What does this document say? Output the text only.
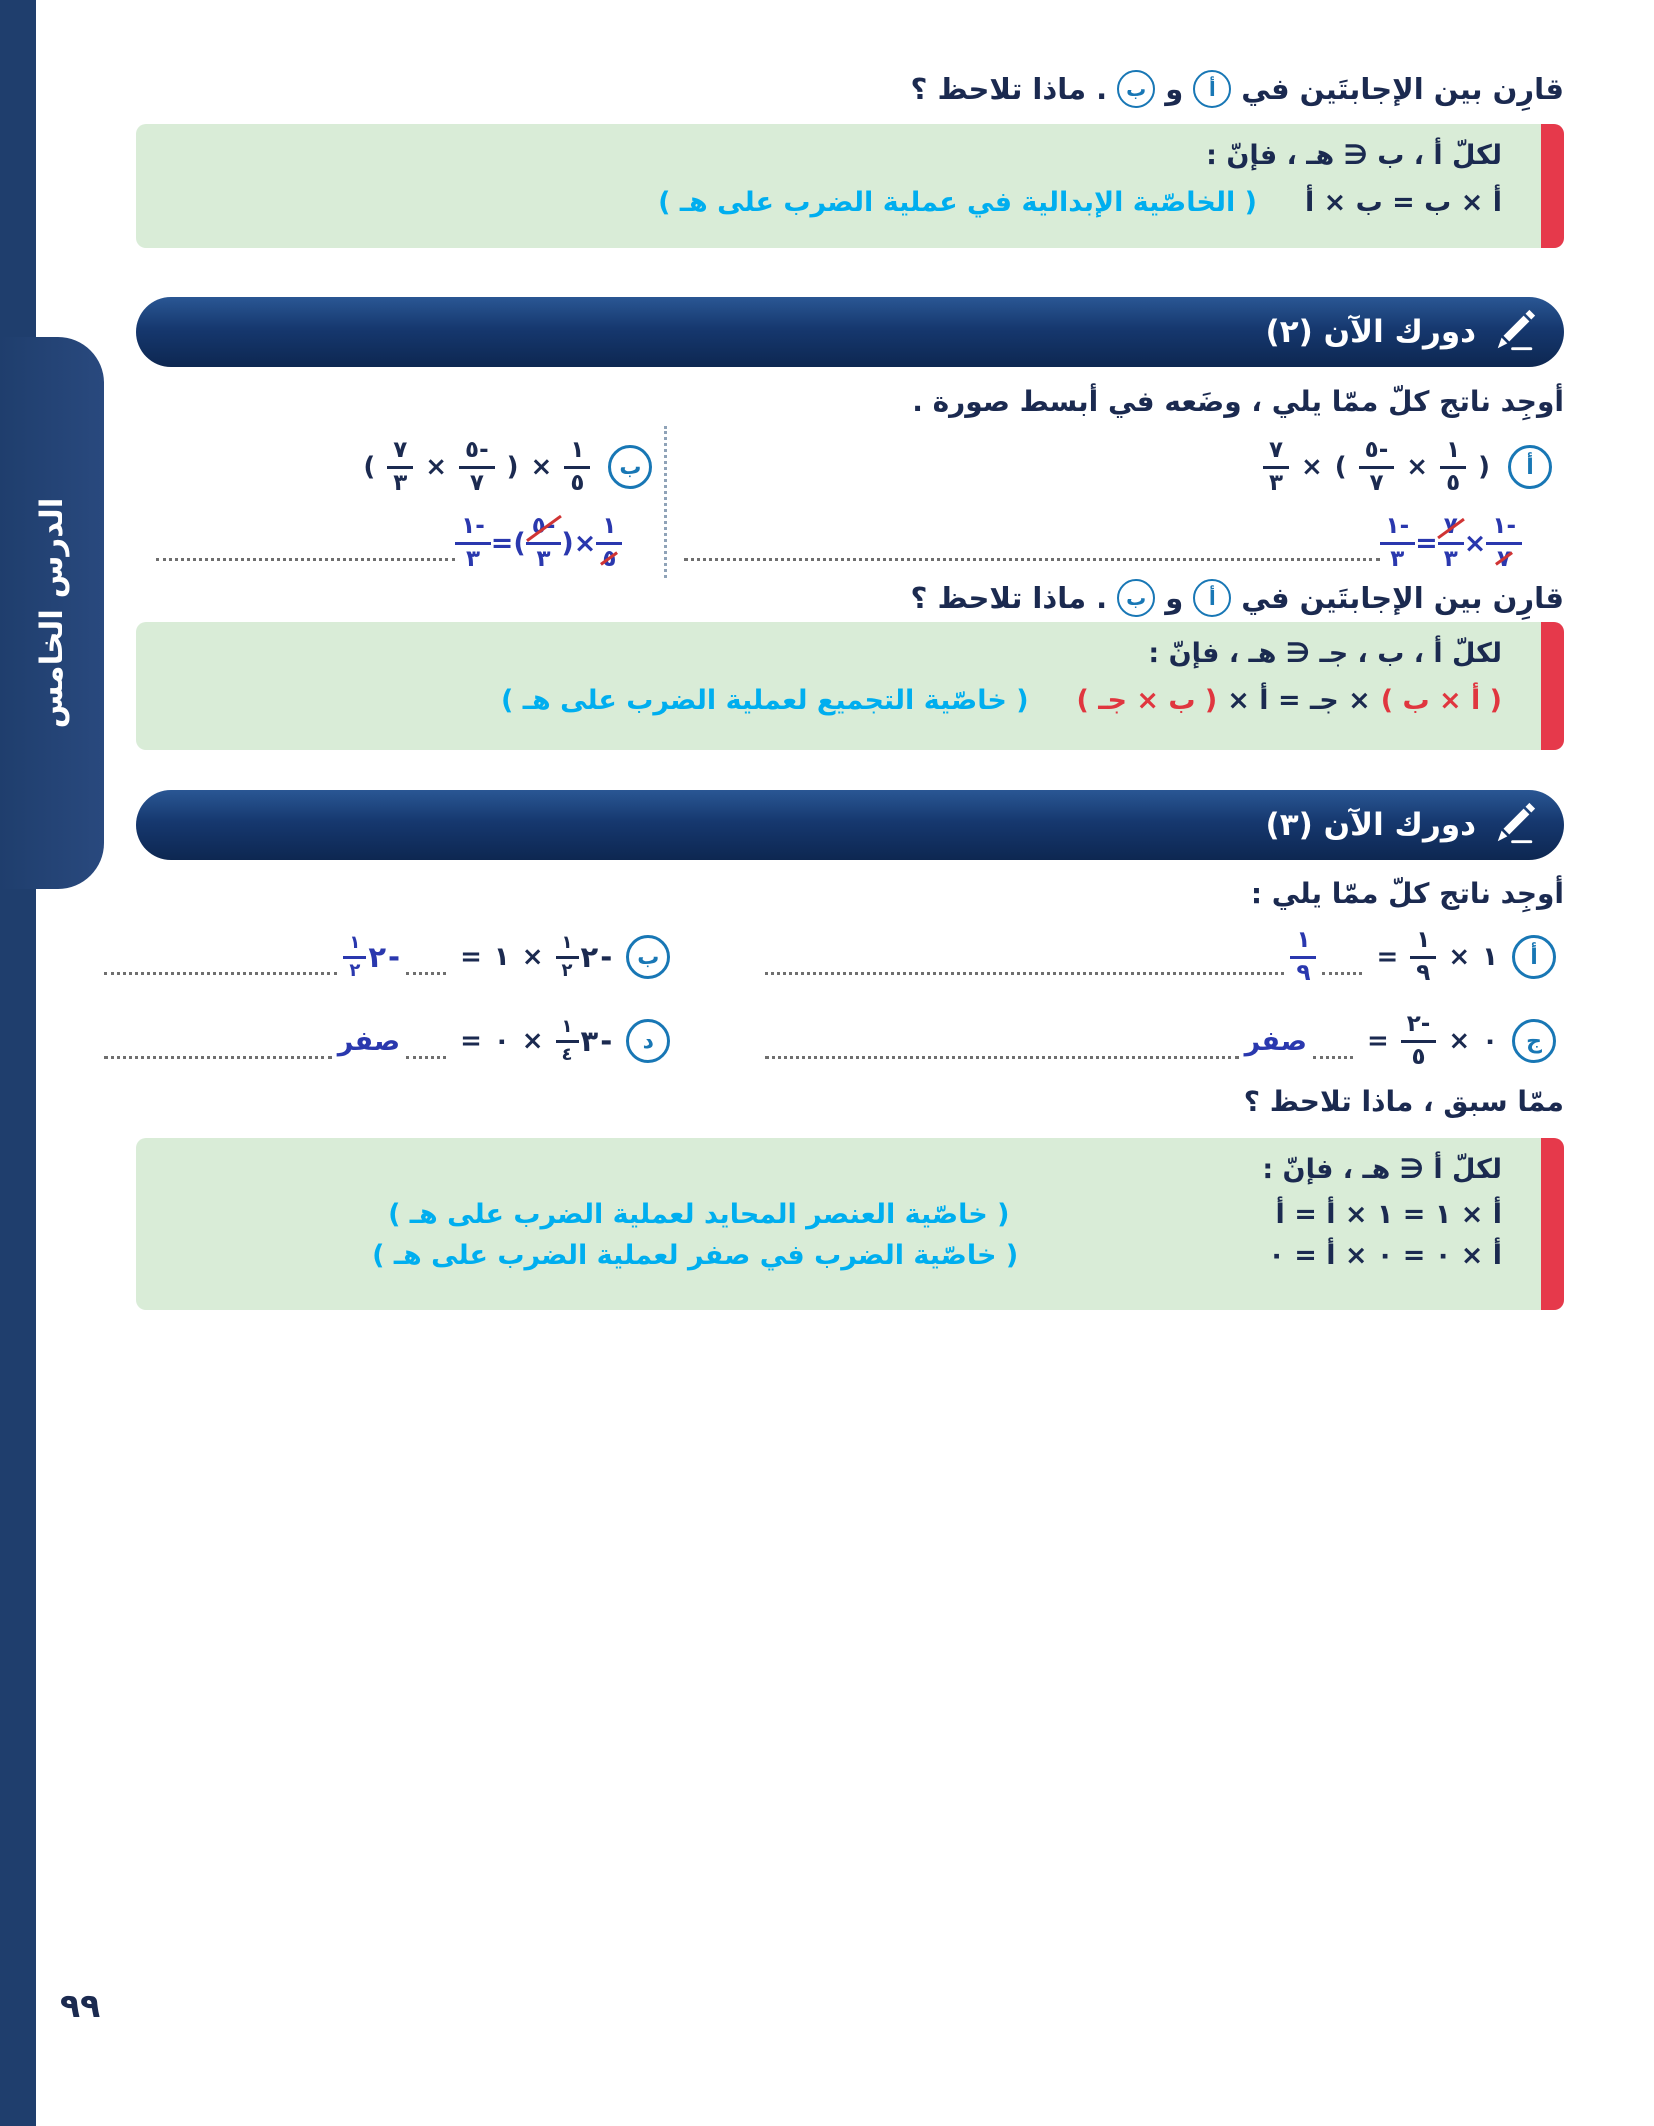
الدرس الخامس
٩٩
قارِن بين الإجابتَين في
أ
و
ب
. ماذا تلاحظ ؟
لكلّ أ ، ب ∈ هـ ، فإنّ :
أ × ب = ب × أ
( الخاصّية الإبدالية في عملية الضرب على هـ )
دورك الآن (٢)
أوجِد ناتج كلّ ممّا يلي ، وضَعه في أبسط صورة .
$\frac{٧}{٣}$ × ( $\frac{٥-}{٧} \times \frac{١}{٥}$ )	أ
$\frac{١-}{٣} = \frac{٧}{٣} \times \frac{١-}{٧}$
( $\frac{٧}{٣} \times \frac{٥-}{٧}$ ) × $\frac{١}{٥}$	ب
$\frac{١-}{٣}$ = ( $\frac{٥-}{٣}$ ) × $\frac{١}{٥}$
قارِن بين الإجابتَين في
أ
و
ب
. ماذا تلاحظ ؟
لكلّ أ ، ب ، جـ ∈ هـ ، فإنّ :
( أ × ب )
× جـ = أ ×
( ب × جـ )
( خاصّية التجميع لعملية الضرب على هـ )
دورك الآن (٣)
أوجِد ناتج كلّ ممّا يلي :
$\frac{١}{٩} = \frac{١}{٩}$ × ١	أ
$\frac{١}{٢}$ ٢ - = ١ × $\frac{١}{٢}$ ٢ -	ب
صفر = $\frac{٢-}{٥}$ × ٠	ج
صفر = ٠ × $\frac{١}{٤}$ ٣ -	د
ممّا سبق ، ماذا تلاحظ ؟
لكلّ أ ∈ هـ ، فإنّ :
أ × ١ = ١ × أ = أ
( خاصّية العنصر المحايد لعملية الضرب على هـ )
أ × ٠ = ٠ × أ = ٠
( خاصّية الضرب في صفر لعملية الضرب على هـ )
